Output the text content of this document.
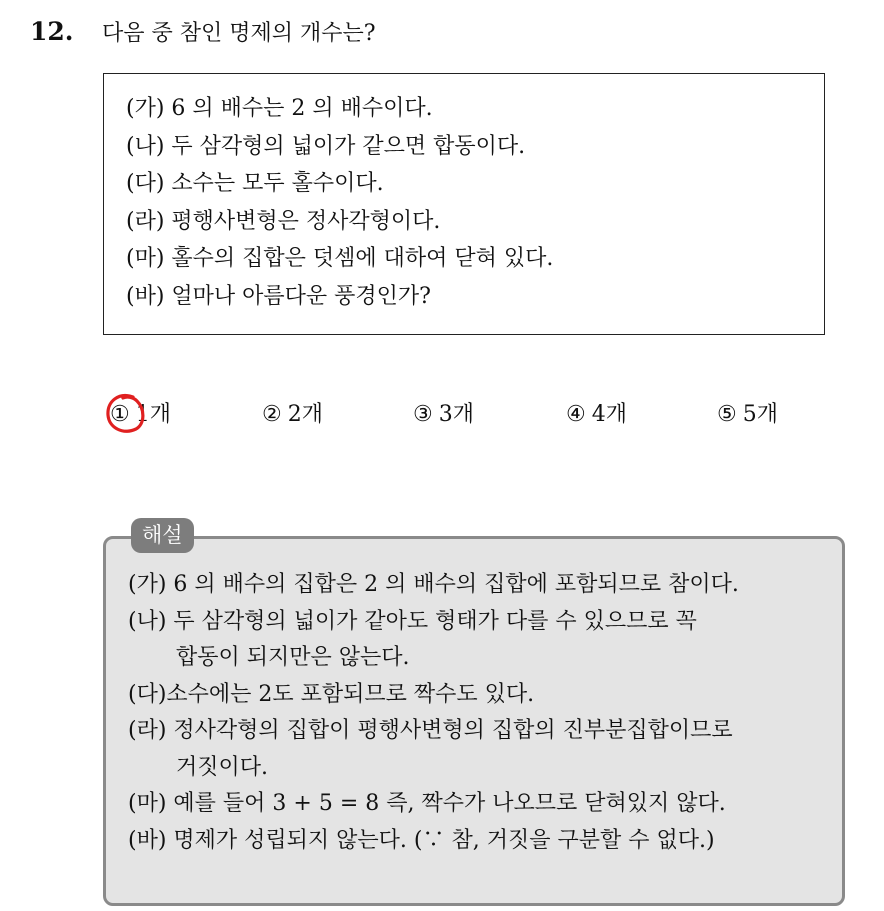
12.	다음 중 참인 명제의 개수는?
(가) 6 의 배수는 2 의 배수이다.
(나) 두 삼각형의 넓이가 같으면 합동이다.
(다) 소수는 모두 홀수이다.
(라) 평행사변형은 정사각형이다.
(마) 홀수의 집합은 덧셈에 대하여 닫혀 있다.
(바) 얼마나 아름다운 풍경인가?
① 1개	② 2개	③ 3개	④ 4개	⑤ 5개
해설
(가) 6 의 배수의 집합은 2 의 배수의 집합에 포함되므로 참이다.
(나) 두 삼각형의 넓이가 같아도 형태가 다를 수 있으므로 꼭
합동이 되지만은 않는다.
(다)소수에는 2도 포함되므로 짝수도 있다.
(라) 정사각형의 집합이 평행사변형의 집합의 진부분집합이므로
거짓이다.
(마) 예를 들어 3 + 5 = 8 즉, 짝수가 나오므로 닫혀있지 않다.
(바) 명제가 성립되지 않는다. (∵ 참, 거짓을 구분할 수 없다.)
